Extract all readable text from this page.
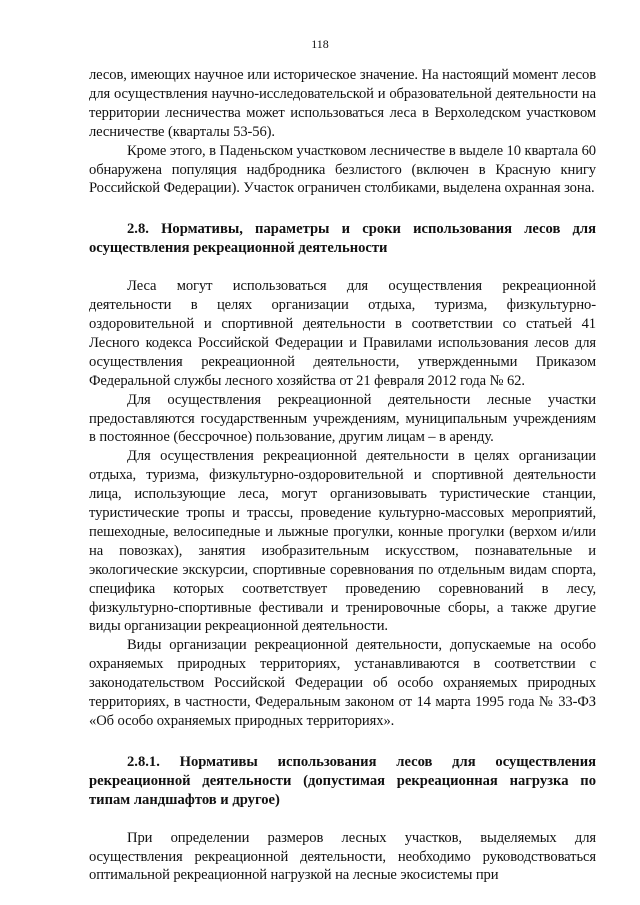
118

лесов, имеющих научное или историческое значение. На настоящий момент лесов для осуществления научно-исследовательской и образовательной деятельности на территории лесничества может использоваться леса в Верхоледском участковом лесничестве (кварталы 53-56).

Кроме этого, в Паденьском участковом лесничестве в выделе 10 квартала 60 обнаружена популяция надбродника безлистого (включен в Красную книгу Российской Федерации). Участок ограничен столбиками, выделена охранная зона.

2.8. Нормативы, параметры и сроки использования лесов для осуществления рекреационной деятельности

Леса могут использоваться для осуществления рекреационной деятельности в целях организации отдыха, туризма, физкультурно-оздоровительной и спортивной деятельности в соответствии со статьей 41 Лесного кодекса Российской Федерации и Правилами использования лесов для осуществления рекреационной деятельности, утвержденными Приказом Федеральной службы лесного хозяйства от 21 февраля 2012 года № 62.

Для осуществления рекреационной деятельности лесные участки предоставляются государственным учреждениям, муниципальным учреждениям в постоянное (бессрочное) пользование, другим лицам – в аренду.

Для осуществления рекреационной деятельности в целях организации отдыха, туризма, физкультурно-оздоровительной и спортивной деятельности лица, использующие леса, могут организовывать туристические станции, туристические тропы и трассы, проведение культурно-массовых мероприятий, пешеходные, велосипедные и лыжные прогулки, конные прогулки (верхом и/или на повозках), занятия изобразительным искусством, познавательные и экологические экскурсии, спортивные соревнования по отдельным видам спорта, специфика которых соответствует проведению соревнований в лесу, физкультурно-спортивные фестивали и тренировочные сборы, а также другие виды организации рекреационной деятельности.

Виды организации рекреационной деятельности, допускаемые на особо охраняемых природных территориях, устанавливаются в соответствии с законодательством Российской Федерации об особо охраняемых природных территориях, в частности, Федеральным законом от 14 марта 1995 года № 33-ФЗ «Об особо охраняемых природных территориях».

2.8.1. Нормативы использования лесов для осуществления рекреационной деятельности (допустимая рекреационная нагрузка по типам ландшафтов и другое)

При определении размеров лесных участков, выделяемых для осуществления рекреационной деятельности, необходимо руководствоваться оптимальной рекреационной нагрузкой на лесные экосистемы при
